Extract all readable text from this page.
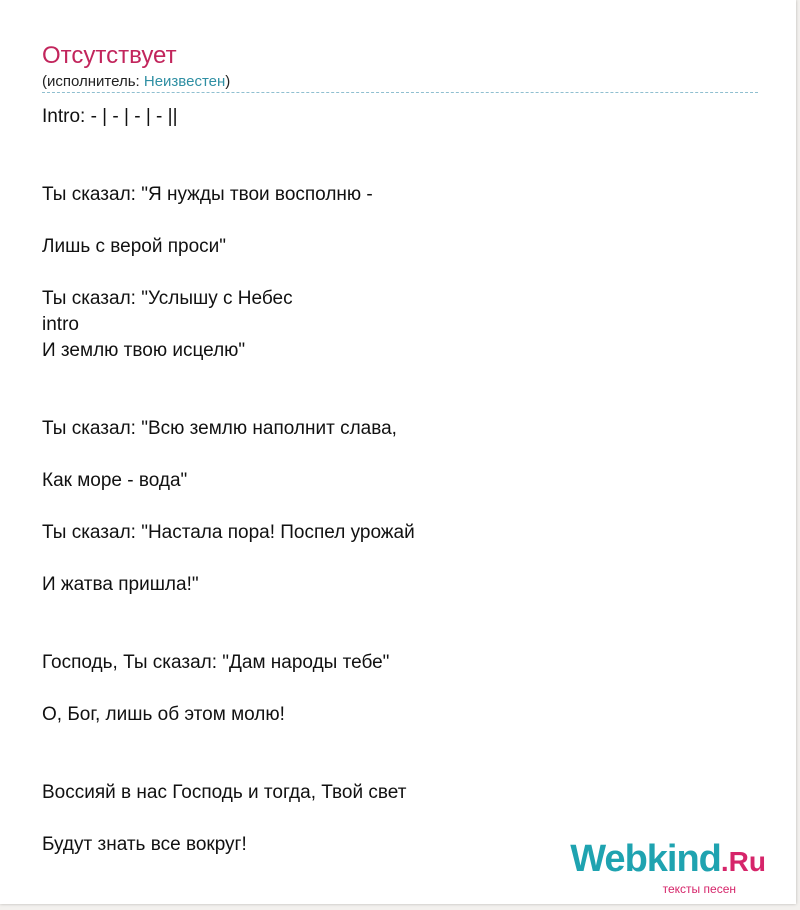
Отсутствует
(исполнитель: Неизвестен)
Intro: - | - | - | - ||
Ты сказал: "Я нужды твои восполню -
Лишь с верой проси"
Ты сказал: "Услышу с Небес
intro
И землю твою исцелю"
Ты сказал: "Всю землю наполнит слава,
Как море - вода"
Ты сказал: "Настала пора! Поспел урожай
И жатва пришла!"
Господь, Ты сказал: "Дам народы тебе"
О, Бог, лишь об этом молю!
Воссияй в нас Господь и тогда, Твой свет
Будут знать все вокруг!	Webkind.Ru
тексты песен
